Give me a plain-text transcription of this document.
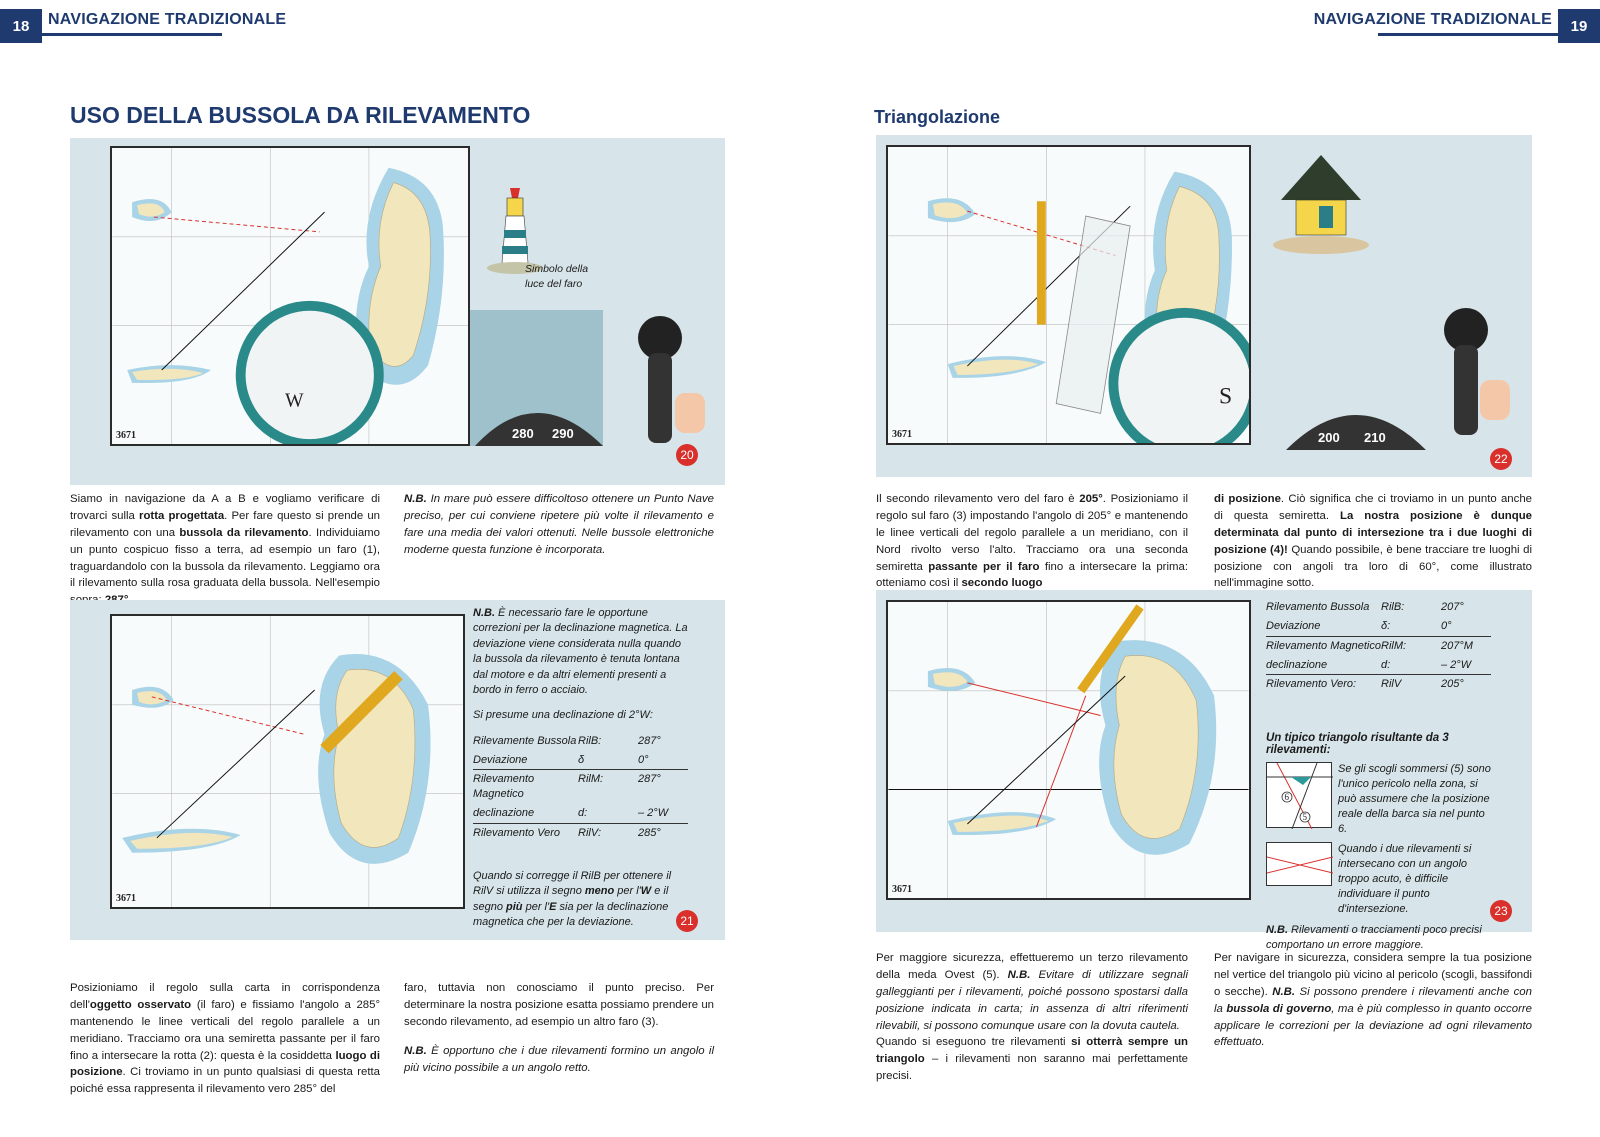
18	NAVIGAZIONE TRADIZIONALE
USO DELLA BUSSOLA DA RILEVAMENTO
W
3671
Simbolo della luce del faro
280 290
20
Siamo in navigazione da A a B e vogliamo verificare di trovarci sulla rotta progettata. Per fare questo si prende un rilevamento con una bussola da rilevamento. Individuiamo un punto cospicuo fisso a terra, ad esempio un faro (1), traguardandolo con la bussola da rilevamento. Leggiamo ora il rilevamento sulla rosa graduata della bussola. Nell'esempio
N.B. In mare può essere difficoltoso ottenere un Punto Nave preciso, per cui conviene ripetere più volte il rilevamento e fare una media dei valori ottenuti. Nelle bussole elettroniche moderne questa funzione è incorporata.
3671
N.B. È necessario fare le opportune correzioni per la declinazione magnetica. La deviazione viene considerata nulla quando la bussola da rilevamento è tenuta lontana dal motore e da altri elementi presenti a bordo in ferro o acciaio.
Si presume una declinazione di 2°W:
Rilevamente Bussola	RilB:	287°
Deviazione	δ	0°
Rilevamento Magnetico	RilM:	287°
declinazione	d:	– 2°W
Rilevamento Vero	RilV:	285°
Quando si corregge il RilB per ottenere il RilV si utilizza il segno meno per l'W e il segno più per l'E sia per la declinazione magnetica che per la deviazione.	21
Posizioniamo il regolo sulla carta in corrispondenza dell'oggetto osservato (il faro) e fissiamo l'angolo a 285° mantenendo le linee verticali del regolo parallele a un meridiano. Tracciamo ora una semiretta passante per il faro fino a intersecare la rotta (2): questa è la cosiddetta luogo di posizione. Ci troviamo in un punto qualsiasi di questa retta poiché essa rappresenta il rilevamento vero 285° del
faro, tuttavia non conosciamo il punto preciso. Per determinare la nostra posizione esatta possiamo prendere un secondo rilevamento, ad esempio un altro faro (3).
N.B. È opportuno che i due rilevamenti formino un angolo il più vicino possibile a un angolo retto.
19
NAVIGAZIONE TRADIZIONALE
Triangolazione
S
3671	200 210
22
Il secondo rilevamento vero del faro è 205°. Posizioniamo il regolo sul faro (3) impostando l'angolo di 205° e mantenendo le linee verticali del regolo parallele a un meridiano, con il Nord rivolto verso l'alto. Tracciamo ora una seconda semiretta passante per il faro fino a intersecare la prima: otteniamo così il secondo luogo
di posizione. Ciò significa che ci troviamo in un punto anche di questa semiretta. La nostra posizione è dunque determinata dal punto di intersezione tra i due luoghi di posizione (4)! Quando possibile, è bene tracciare tre luoghi di posizione con angoli tra loro di 60°, come illustrato nell'immagine sotto.
3671
Rilevamento Bussola	RilB:	207°
Deviazione	δ:	0°
Rilevamento Magnetico	RilM:	207°M
declinazione	d:	– 2°W
Rilevamento Vero:	RilV	205°
Un tipico triangolo risultante da 3 rilevamenti:
6
5
Se gli scogli sommersi (5) sono l'unico pericolo nella zona, si può assumere che la posizione reale della barca sia nel punto 6.
Quando i due rilevamenti si intersecano con un angolo troppo acuto, è difficile individuare il punto d'intersezione.
N.B. Rilevamenti o tracciamenti poco precisi comportano un errore maggiore.
23
Per maggiore sicurezza, effettueremo un terzo rilevamento della meda Ovest (5). N.B. Evitare di utilizzare segnali galleggianti per i rilevamenti, poiché possono spostarsi dalla posizione indicata in carta; in assenza di altri riferimenti rilevabili, si possono comunque usare con la dovuta cautela.
Quando si eseguono tre rilevamenti si otterrà sempre un triangolo – i rilevamenti non saranno mai perfettamente precisi.
Per navigare in sicurezza, considera sempre la tua posizione nel vertice del triangolo più vicino al pericolo (scogli, bassifondi o secche). N.B. Si possono prendere i rilevamenti anche con la bussola di governo, ma è più complesso in quanto occorre applicare le correzioni per la deviazione ad ogni rilevamento effettuato.
